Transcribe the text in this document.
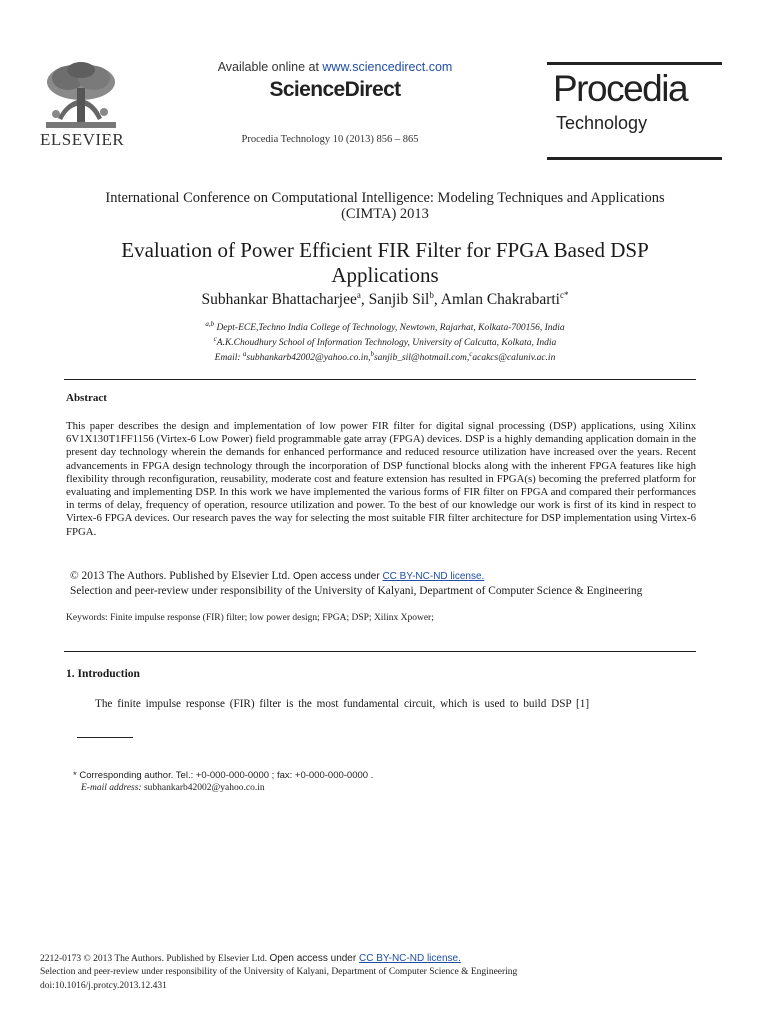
ELSEVIER
Available online at www.sciencedirect.com
ScienceDirect
Procedia Technology 10 (2013) 856 – 865
Procedia
Technology
International Conference on Computational Intelligence: Modeling Techniques and Applications
(CIMTA) 2013
Evaluation of Power Efficient FIR Filter for FPGA Based DSP
Applications
Subhankar Bhattacharjee$^a$, Sanjib Sil$^b$, Amlan Chakrabarti$^{c*}$
$^{a,b}$ Dept-ECE,Techno India College of Technology, Newtown, Rajarhat, Kolkata-700156, India
$^c$A.K.Choudhury School of Information Technology, University of Calcutta, Kolkata, India
Email: $^a$subhankarb42002@yahoo.co.in,$^b$sanjib_sil@hotmail.com,$^c$acakcs@caluniv.ac.in
Abstract
This paper describes the design and implementation of low power FIR filter for digital signal processing (DSP) applications, using Xilinx 6V1X130T1FF1156 (Virtex-6 Low Power) field programmable gate array (FPGA) devices. DSP is a highly demanding application domain in the present day technology wherein the demands for enhanced performance and reduced resource utilization have increased over the years. Recent advancements in FPGA design technology through the incorporation of DSP functional blocks along with the inherent FPGA features like high flexibility through reconfiguration, reusability, moderate cost and feature extension has resulted in FPGA(s) becoming the preferred platform for evaluating and implementing DSP. In this work we have implemented the various forms of FIR filter on FPGA and compared their performances in terms of delay, frequency of operation, resource utilization and power. To the best of our knowledge our work is first of its kind in respect to Virtex-6 FPGA devices. Our research paves the way for selecting the most suitable FIR filter architecture for DSP implementation using Virtex-6 FPGA.
© 2013 The Authors. Published by Elsevier Ltd. Open access under CC BY-NC-ND license.
Selection and peer-review under responsibility of the University of Kalyani, Department of Computer Science & Engineering
Keywords: Finite impulse response (FIR) filter; low power design; FPGA; DSP; Xilinx Xpower;
1. Introduction
The finite impulse response (FIR) filter is the most fundamental circuit, which is used to build DSP [1]
* Corresponding author. Tel.: +0-000-000-0000 ; fax: +0-000-000-0000 .
E-mail address: subhankarb42002@yahoo.co.in
2212-0173 © 2013 The Authors. Published by Elsevier Ltd. Open access under CC BY-NC-ND license.
Selection and peer-review under responsibility of the University of Kalyani, Department of Computer Science & Engineering
doi:10.1016/j.protcy.2013.12.431
